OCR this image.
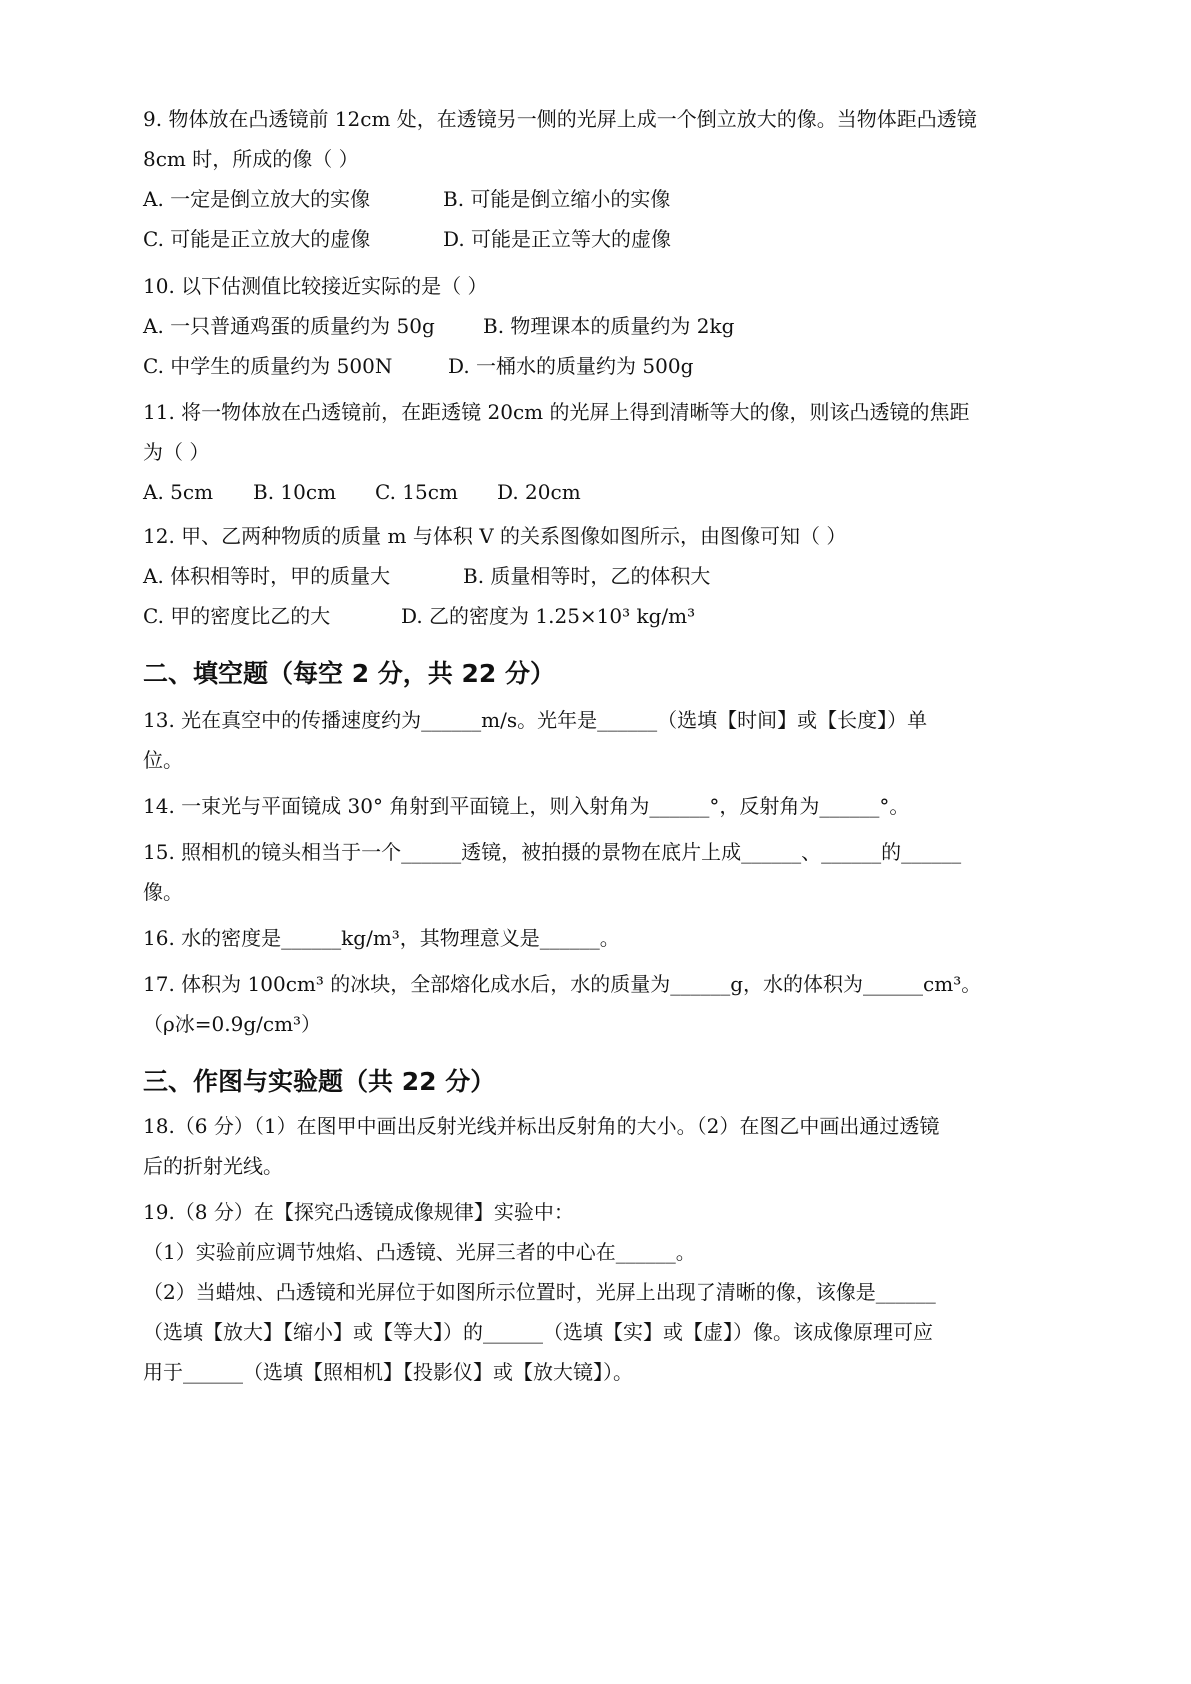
9. 物体放在凸透镜前 12cm 处，在透镜另一侧的光屏上成一个倒立放大的像。当物体距凸透镜
8cm 时，所成的像（ ）
A. 一定是倒立放大的实像	B. 可能是倒立缩小的实像
C. 可能是正立放大的虚像	D. 可能是正立等大的虚像
10. 以下估测值比较接近实际的是（ ）
A. 一只普通鸡蛋的质量约为 50g B. 物理课本的质量约为 2kg
C. 中学生的质量约为 500N	D. 一桶水的质量约为 500g
11. 将一物体放在凸透镜前，在距透镜 20cm 的光屏上得到清晰等大的像，则该凸透镜的焦距
为（ ）
A. 5cm B. 10cm C. 15cm D. 20cm
12. 甲、乙两种物质的质量 m 与体积 V 的关系图像如图所示，由图像可知（ ）
A. 体积相等时，甲的质量大	B. 质量相等时，乙的体积大
C. 甲的密度比乙的大	D. 乙的密度为 1.25×10³ kg/m³
二、填空题（每空 2 分，共 22 分）
13. 光在真空中的传播速度约为______m/s。光年是______（选填【时间】或【长度】）单
位。
14. 一束光与平面镜成 30° 角射到平面镜上，则入射角为______°，反射角为______°。
15. 照相机的镜头相当于一个______透镜，被拍摄的景物在底片上成______、______的______
像。
16. 水的密度是______kg/m³，其物理意义是______。
17. 体积为 100cm³ 的冰块，全部熔化成水后，水的质量为______g，水的体积为______cm³。
（ρ冰=0.9g/cm³）
三、作图与实验题（共 22 分）
18.（6 分）（1）在图甲中画出反射光线并标出反射角的大小。（2）在图乙中画出通过透镜
后的折射光线。
19.（8 分）在【探究凸透镜成像规律】实验中：
（1）实验前应调节烛焰、凸透镜、光屏三者的中心在______。
（2）当蜡烛、凸透镜和光屏位于如图所示位置时，光屏上出现了清晰的像，该像是______
（选填【放大】【缩小】或【等大】）的______（选填【实】或【虚】）像。该成像原理可应
用于______（选填【照相机】【投影仪】或【放大镜】）。
